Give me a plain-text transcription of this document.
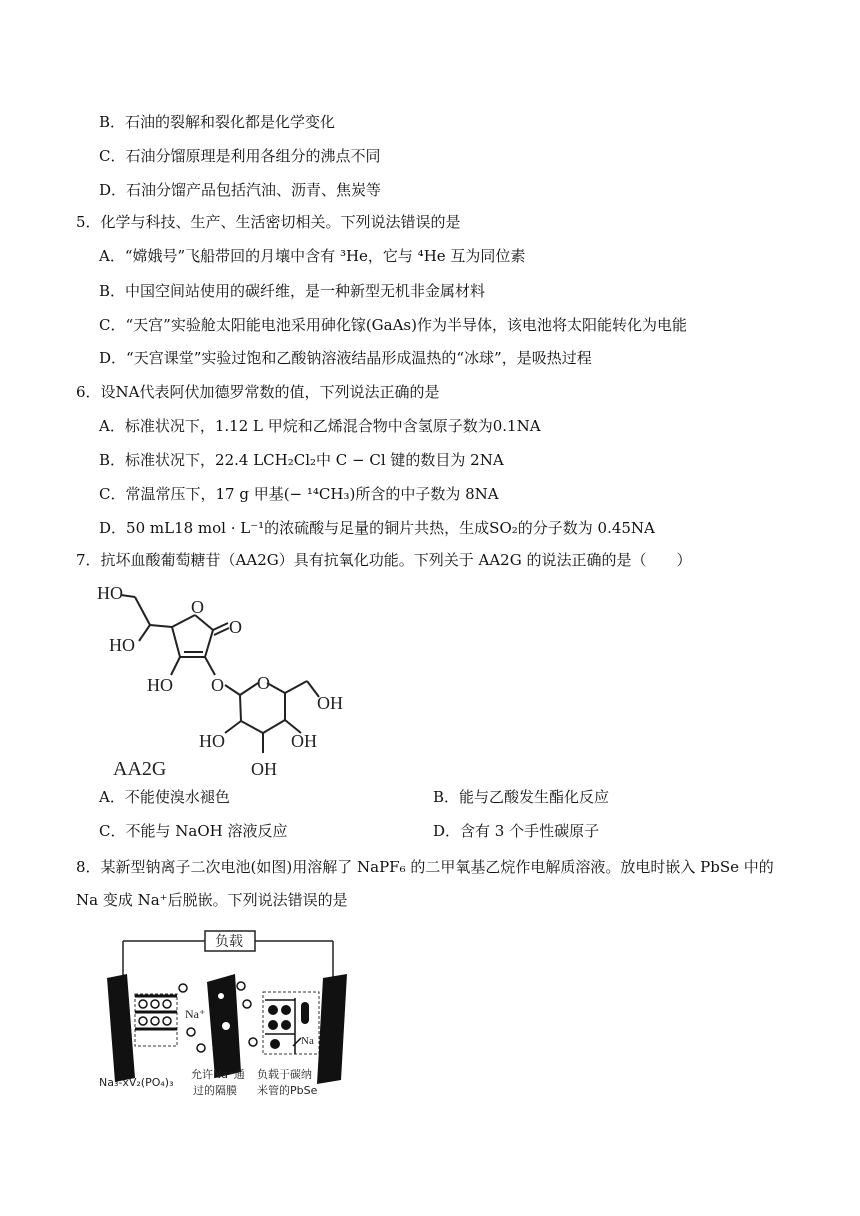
B．石油的裂解和裂化都是化学变化
C．石油分馏原理是利用各组分的沸点不同
D．石油分馏产品包括汽油、沥青、焦炭等
5．化学与科技、生产、生活密切相关。下列说法错误的是
A．“嫦娥号”飞船带回的月壤中含有 ³He，它与 ⁴He 互为同位素
B．中国空间站使用的碳纤维，是一种新型无机非金属材料
C．“天宫”实验舱太阳能电池采用砷化镓(GaAs)作为半导体，该电池将太阳能转化为电能
D．“天宫课堂”实验过饱和乙酸钠溶液结晶形成温热的“冰球”，是吸热过程
6．设NA代表阿伏加德罗常数的值，下列说法正确的是
A．标准状况下，1.12 L 甲烷和乙烯混合物中含氢原子数为0.1NA
B．标准状况下，22.4 LCH₂Cl₂中 C − Cl 键的数目为 2NA
C．常温常压下，17 g 甲基(− ¹⁴CH₃)所含的中子数为 8NA
D．50 mL18 mol · L⁻¹的浓硫酸与足量的铜片共热，生成SO₂的分子数为 0.45NA
7．抗坏血酸葡萄糖苷（AA2G）具有抗氧化功能。下列关于 AA2G 的说法正确的是（　　）
HO
HO
O
O
HO O O
OH
HO	OH
OH
AA2G
A．不能使溴水褪色	B．能与乙酸发生酯化反应
C．不能与 NaOH 溶液反应	D．含有 3 个手性碳原子
8．某新型钠离子二次电池(如图)用溶解了 NaPF₆ 的二甲氧基乙烷作电解质溶液。放电时嵌入 PbSe 中的
Na 变成 Na⁺后脱嵌。下列说法错误的是
负载
Na⁺
Na
Na₃-xV₂(PO₄)₃
允许Na⁺通
过的隔膜
负载于碳纳
米管的PbSe
